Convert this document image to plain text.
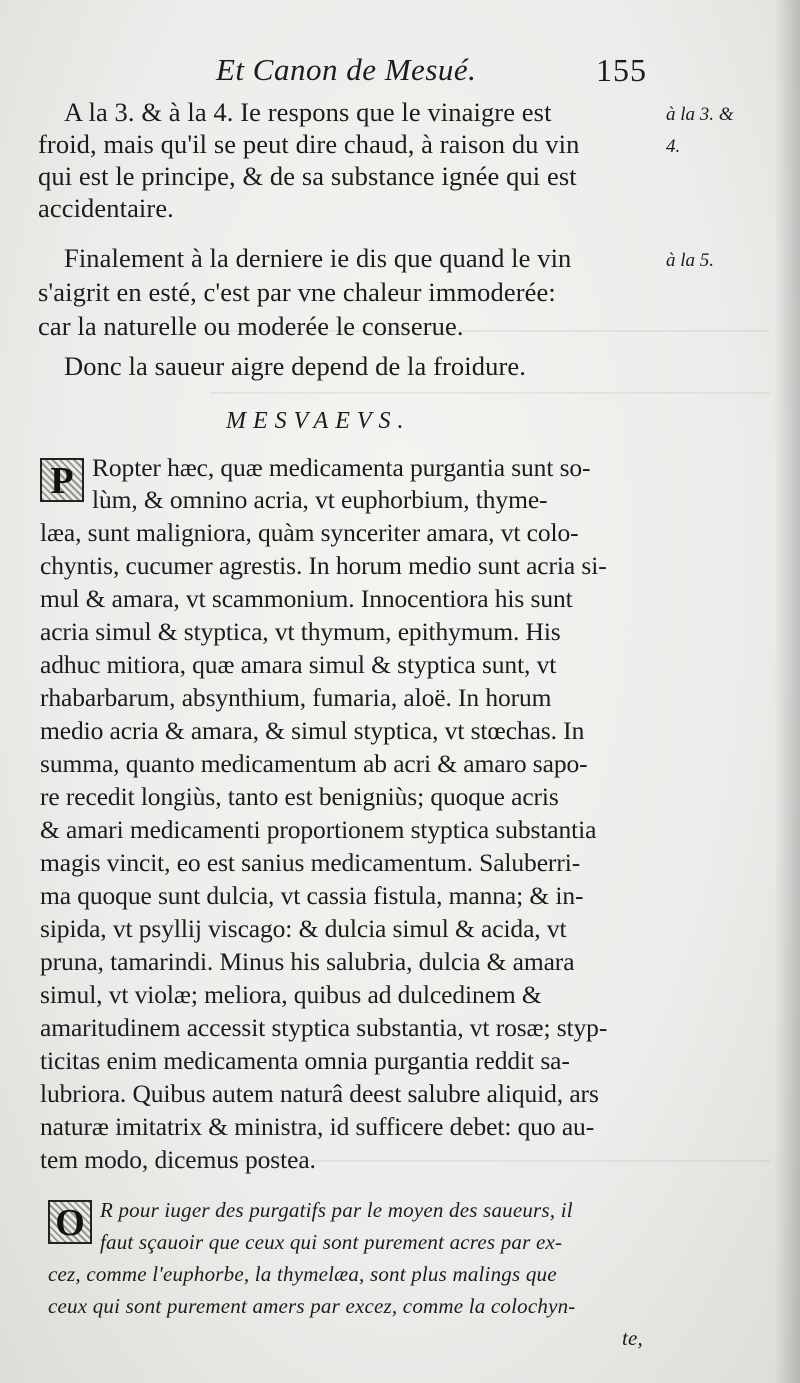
Et Canon de Mesué.	155
A la 3. & à la 4. Ie respons que le vinaigre est
froid, mais qu'il se peut dire chaud, à raison du vin
qui est le principe, & de sa substance ignée qui est
accidentaire.
Finalement à la derniere ie dis que quand le vin
s'aigrit en esté, c'est par vne chaleur immoderée:
car la naturelle ou moderée le conserue.
Donc la saueur aigre depend de la froidure.
à la 3. &
4.
à la 5.
MESVAEVS.
P Ropter hæc, quæ medicamenta purgantia sunt so-
lùm, & omnino acria, vt euphorbium, thyme-
læa, sunt maligniora, quàm synceriter amara, vt colo-
chyntis, cucumer agrestis. In horum medio sunt acria si-
mul & amara, vt scammonium. Innocentiora his sunt
acria simul & styptica, vt thymum, epithymum. His
adhuc mitiora, quæ amara simul & styptica sunt, vt
rhabarbarum, absynthium, fumaria, aloë. In horum
medio acria & amara, & simul styptica, vt stœchas. In
summa, quanto medicamentum ab acri & amaro sapo-
re recedit longiùs, tanto est benigniùs; quoque acris
& amari medicamenti proportionem styptica substantia
magis vincit, eo est sanius medicamentum. Saluberri-
ma quoque sunt dulcia, vt cassia fistula, manna; & in-
sipida, vt psyllij viscago: & dulcia simul & acida, vt
pruna, tamarindi. Minus his salubria, dulcia & amara
simul, vt violæ; meliora, quibus ad dulcedinem &
amaritudinem accessit styptica substantia, vt rosæ; styp-
ticitas enim medicamenta omnia purgantia reddit sa-
lubriora. Quibus autem naturâ deest salubre aliquid, ars
naturæ imitatrix & ministra, id sufficere debet: quo au-
tem modo, dicemus postea.
O R pour iuger des purgatifs par le moyen des saueurs, il
faut sçauoir que ceux qui sont purement acres par ex-
cez, comme l'euphorbe, la thymelæa, sont plus malings que
ceux qui sont purement amers par excez, comme la colochyn-
te,
